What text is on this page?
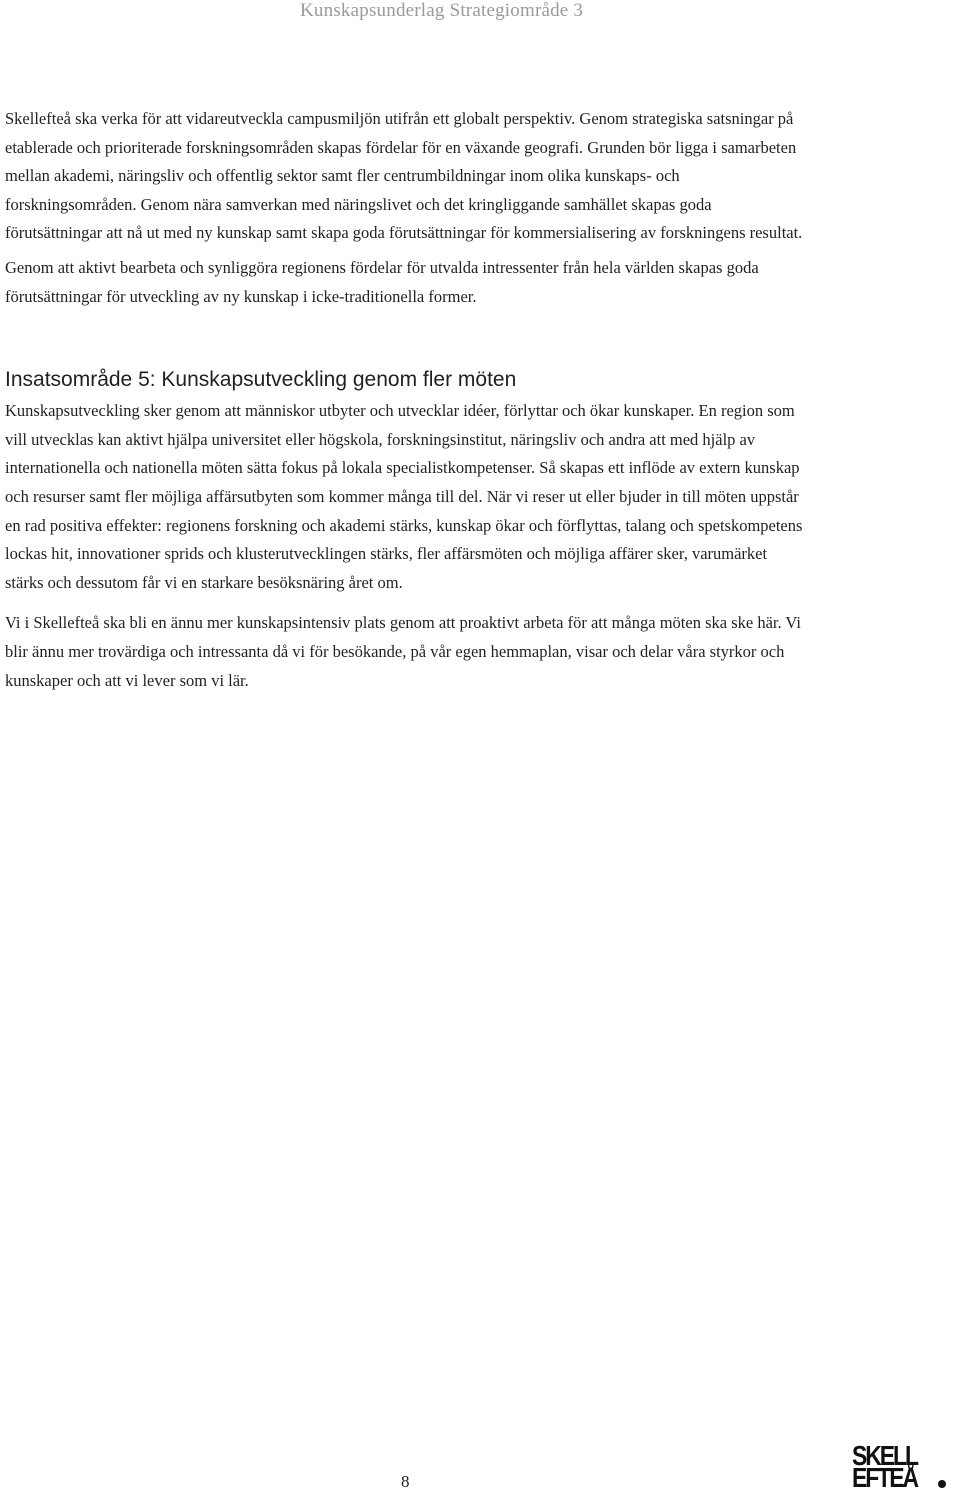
Kunskapsunderlag Strategiområde 3

Skellefteå ska verka för att vidareutveckla campusmiljön utifrån ett globalt perspektiv. Genom strategiska satsningar på etablerade och prioriterade forskningsområden skapas fördelar för en växande geografi. Grunden bör ligga i samarbeten mellan akademi, näringsliv och offentlig sektor samt fler centrumbildningar inom olika kunskaps- och forskningsområden. Genom nära samverkan med näringslivet och det kringliggande samhället skapas goda förutsättningar att nå ut med ny kunskap samt skapa goda förutsättningar för kommersialisering av forskningens resultat.

Genom att aktivt bearbeta och synliggöra regionens fördelar för utvalda intressenter från hela världen skapas goda förutsättningar för utveckling av ny kunskap i icke-traditionella former.

Insatsområde 5: Kunskapsutveckling genom fler möten

Kunskapsutveckling sker genom att människor utbyter och utvecklar idéer, förlyttar och ökar kunskaper. En region som vill utvecklas kan aktivt hjälpa universitet eller högskola, forskningsinstitut, näringsliv och andra att med hjälp av internationella och nationella möten sätta fokus på lokala specialistkompetenser. Så skapas ett inflöde av extern kunskap och resurser samt fler möjliga affärsutbyten som kommer många till del. När vi reser ut eller bjuder in till möten uppstår en rad positiva effekter: regionens forskning och akademi stärks, kunskap ökar och förflyttas, talang och spetskompetens lockas hit, innovationer sprids och klusterutvecklingen stärks, fler affärsmöten och möjliga affärer sker, varumärket stärks och dessutom får vi en starkare besöksnäring året om.

Vi i Skellefteå ska bli en ännu mer kunskapsintensiv plats genom att proaktivt arbeta för att många möten ska ske här. Vi blir ännu mer trovärdiga och intressanta då vi för besökande, på vår egen hemmaplan, visar och delar våra styrkor och kunskaper och att vi lever som vi lär.

8

SKELL
EFTEÅ
